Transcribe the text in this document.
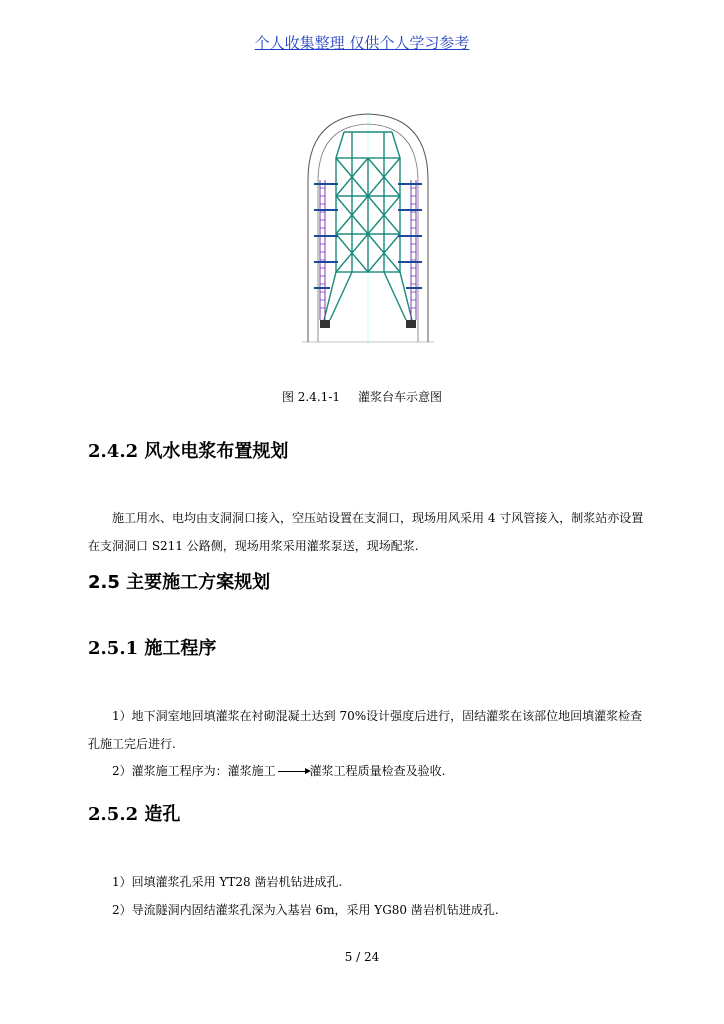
个人收集整理 仅供个人学习参考
图 2.4.1-1 灌浆台车示意图
2.4.2 风水电浆布置规划

施工用水、电均由支洞洞口接入，空压站设置在支洞口，现场用风采用 4 寸风管接入，制浆站亦设置在支洞洞口 S211 公路侧，现场用浆采用灌浆泵送，现场配浆.

2.5 主要施工方案规划
2.5.1 施工程序

1）地下洞室地回填灌浆在衬砌混凝土达到 70%设计强度后进行，固结灌浆在该部位地回填灌浆检查孔施工完后进行.

2）灌浆施工程序为：灌浆施工	灌浆工程质量检查及验收.

2.5.2 造孔

1）回填灌浆孔采用 YT28 凿岩机钻进成孔.

2）导流隧洞内固结灌浆孔深为入基岩 6m，采用 YG80 凿岩机钻进成孔.

5 / 24
